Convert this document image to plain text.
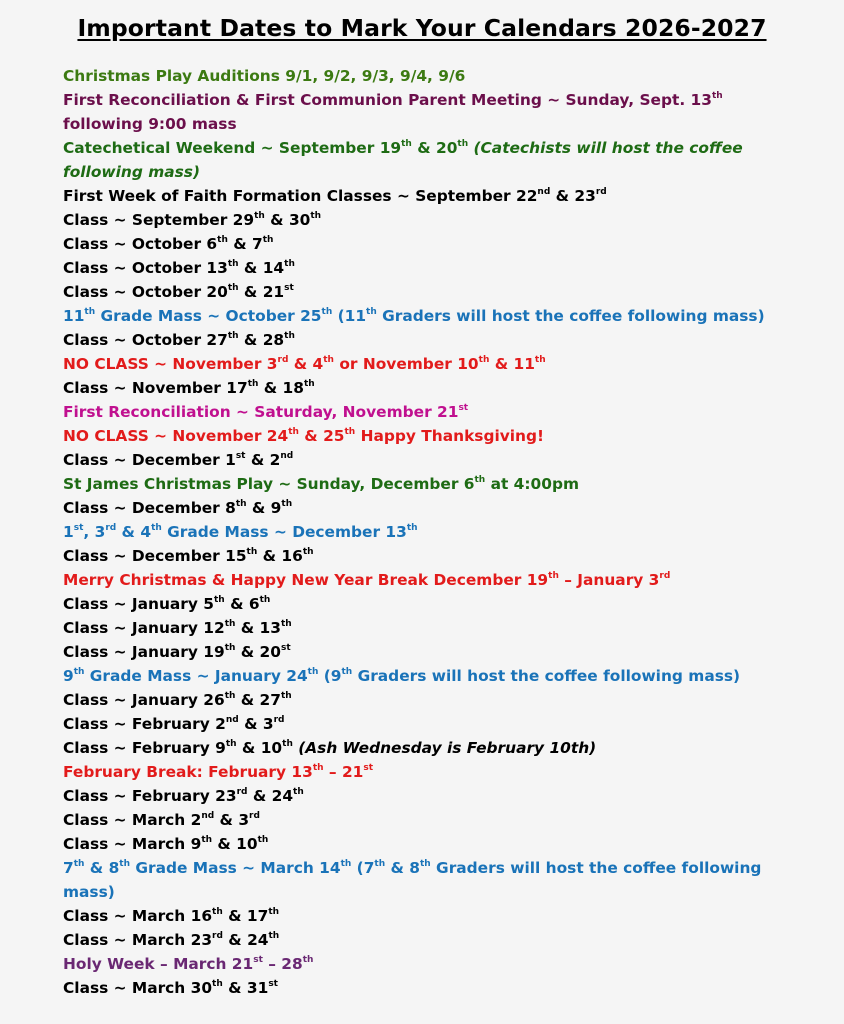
Important Dates to Mark Your Calendars 2026-2027
Christmas Play Auditions 9/1, 9/2, 9/3, 9/4, 9/6
First Reconciliation & First Communion Parent Meeting ~ Sunday, Sept. 13th following 9:00 mass
Catechetical Weekend ~ September 19th & 20th (Catechists will host the coffee following mass)
First Week of Faith Formation Classes ~ September 22nd & 23rd
Class ~ September 29th & 30th
Class ~ October 6th & 7th
Class ~ October 13th & 14th
Class ~ October 20th & 21st
11th Grade Mass ~ October 25th (11th Graders will host the coffee following mass)
Class ~ October 27th & 28th
NO CLASS ~ November 3rd & 4th or November 10th & 11th
Class ~ November 17th & 18th
First Reconciliation ~ Saturday, November 21st
NO CLASS ~ November 24th & 25th Happy Thanksgiving!
Class ~ December 1st & 2nd
St James Christmas Play ~ Sunday, December 6th at 4:00pm
Class ~ December 8th & 9th
1st, 3rd & 4th Grade Mass ~ December 13th
Class ~ December 15th & 16th
Merry Christmas & Happy New Year Break December 19th – January 3rd
Class ~ January 5th & 6th
Class ~ January 12th & 13th
Class ~ January 19th & 20st
9th Grade Mass ~ January 24th (9th Graders will host the coffee following mass)
Class ~ January 26th & 27th
Class ~ February 2nd & 3rd
Class ~ February 9th & 10th (Ash Wednesday is February 10th)
February Break: February 13th – 21st
Class ~ February 23rd & 24th
Class ~ March 2nd & 3rd
Class ~ March 9th & 10th
7th & 8th Grade Mass ~ March 14th (7th & 8th Graders will host the coffee following mass)
Class ~ March 16th & 17th
Class ~ March 23rd & 24th
Holy Week – March 21st – 28th
Class ~ March 30th & 31st
